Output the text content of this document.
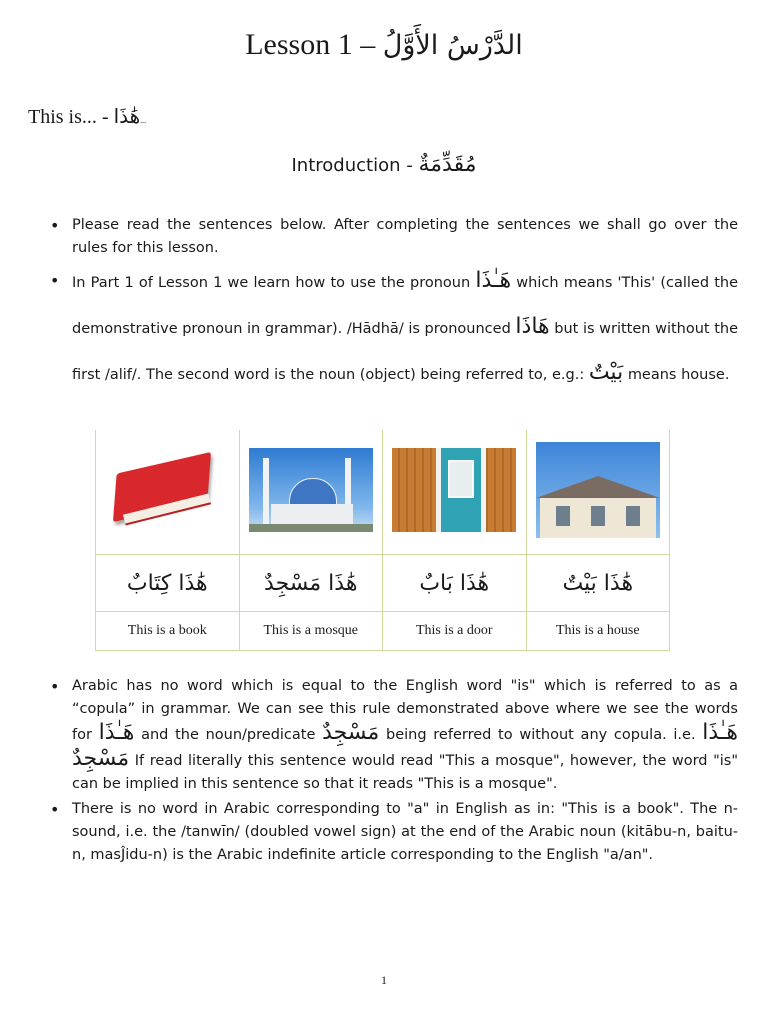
Lesson 1 – الدَّرْسُ الأَوَّلُ
This is... - هَٰذَا...
Introduction - مُقَدِّمَةٌ
• Please read the sentences below. After completing the sentences we shall go over the rules for this lesson.
• In Part 1 of Lesson 1 we learn how to use the pronoun هَـٰذَا which means 'This' (called the demonstrative pronoun in grammar). /Hādhā/ is pronounced هَاذَا but is written without the first /alif/. The second word is the noun (object) being referred to, e.g.: بَيْتٌ means house.

هَٰذَا كِتَابٌ	هَٰذَا مَسْجِدٌ	هَٰذَا بَابٌ	هَٰذَا بَيْتٌ
This is a book	This is a mosque	This is a door	This is a house
• Arabic has no word which is equal to the English word "is" which is referred to as a “copula” in grammar. We can see this rule demonstrated above where we see the words for هَـٰذَا and the noun/predicate مَسْجِدٌ being referred to without any copula. i.e. هَـٰذَا مَسْجِدٌ If read literally this sentence would read "This a mosque", however, the word "is" can be implied in this sentence so that it reads "This is a mosque".
• There is no word in Arabic corresponding to "a" in English as in: "This is a book". The n-sound, i.e. the /tanwīn/ (doubled vowel sign) at the end of the Arabic noun (kitābu-n, baitu-n, masĴidu-n) is the Arabic indefinite article corresponding to the English "a/an".
1
